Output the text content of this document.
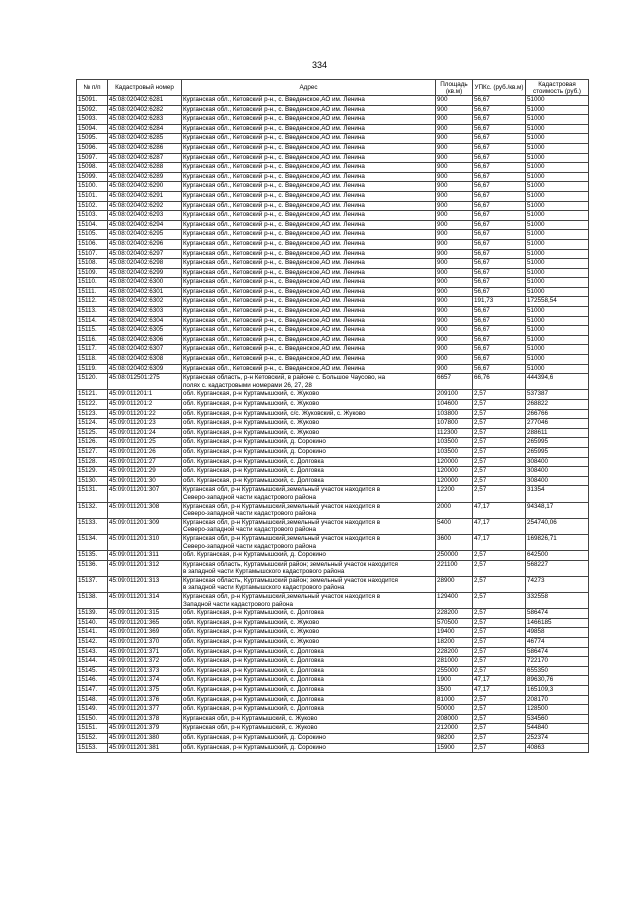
334
№ п/п	Кадастровый номер	Адрес	Площадь (кв.м)	УПКс. (руб./кв.м)	Кадастровая стоимость (руб.)
15091.	45:08:020402:6281	Курганская обл., Кетовский р-н., с. Введенское,АО им. Ленина	900	56,67	51000
15092.	45:08:020402:6282	Курганская обл., Кетовский р-н., с. Введенское,АО им. Ленина	900	56,67	51000
15093.	45:08:020402:6283	Курганская обл., Кетовский р-н., с. Введенское,АО им. Ленина	900	56,67	51000
15094.	45:08:020402:6284	Курганская обл., Кетовский р-н., с. Введенское,АО им. Ленина	900	56,67	51000
15095.	45:08:020402:6285	Курганская обл., Кетовский р-н., с. Введенское,АО им. Ленина	900	56,67	51000
15096.	45:08:020402:6286	Курганская обл., Кетовский р-н., с. Введенское,АО им. Ленина	900	56,67	51000
15097.	45:08:020402:6287	Курганская обл., Кетовский р-н., с. Введенское,АО им. Ленина	900	56,67	51000
15098.	45:08:020402:6288	Курганская обл., Кетовский р-н., с. Введенское,АО им. Ленина	900	56,67	51000
15099.	45:08:020402:6289	Курганская обл., Кетовский р-н., с. Введенское,АО им. Ленина	900	56,67	51000
15100.	45:08:020402:6290	Курганская обл., Кетовский р-н., с. Введенское,АО им. Ленина	900	56,67	51000
15101.	45:08:020402:6291	Курганская обл., Кетовский р-н., с. Введенское,АО им. Ленина	900	56,67	51000
15102.	45:08:020402:6292	Курганская обл., Кетовский р-н., с. Введенское,АО им. Ленина	900	56,67	51000
15103.	45:08:020402:6293	Курганская обл., Кетовский р-н., с. Введенское,АО им. Ленина	900	56,67	51000
15104.	45:08:020402:6294	Курганская обл., Кетовский р-н., с. Введенское,АО им. Ленина	900	56,67	51000
15105.	45:08:020402:6295	Курганская обл., Кетовский р-н., с. Введенское,АО им. Ленина	900	56,67	51000
15106.	45:08:020402:6296	Курганская обл., Кетовский р-н., с. Введенское,АО им. Ленина	900	56,67	51000
15107.	45:08:020402:6297	Курганская обл., Кетовский р-н., с. Введенское,АО им. Ленина	900	56,67	51000
15108.	45:08:020402:6298	Курганская обл., Кетовский р-н., с. Введенское,АО им. Ленина	900	56,67	51000
15109.	45:08:020402:6299	Курганская обл., Кетовский р-н., с. Введенское,АО им. Ленина	900	56,67	51000
15110.	45:08:020402:6300	Курганская обл., Кетовский р-н., с. Введенское,АО им. Ленина	900	56,67	51000
15111.	45:08:020402:6301	Курганская обл., Кетовский р-н., с. Введенское,АО им. Ленина	900	56,67	51000
15112.	45:08:020402:6302	Курганская обл., Кетовский р-н., с. Введенское,АО им. Ленина	900	191,73	172558,54
15113.	45:08:020402:6303	Курганская обл., Кетовский р-н., с. Введенское,АО им. Ленина	900	56,67	51000
15114.	45:08:020402:6304	Курганская обл., Кетовский р-н., с. Введенское,АО им. Ленина	900	56,67	51000
15115.	45:08:020402:6305	Курганская обл., Кетовский р-н., с. Введенское,АО им. Ленина	900	56,67	51000
15116.	45:08:020402:6306	Курганская обл., Кетовский р-н., с. Введенское,АО им. Ленина	900	56,67	51000
15117.	45:08:020402:6307	Курганская обл., Кетовский р-н., с. Введенское,АО им. Ленина	900	56,67	51000
15118.	45:08:020402:6308	Курганская обл., Кетовский р-н., с. Введенское,АО им. Ленина	900	56,67	51000
15119.	45:08:020402:6309	Курганская обл., Кетовский р-н., с. Введенское,АО им. Ленина	900	56,67	51000
15120.	45:08:012501:275	Курганская область, р-н Кетовский, в районе с. Большое Чаусово, на
полях с. кадастровыми номерами 26, 27, 28	6657	66,76	444394,6
15121.	45:09:011201:1	обл. Курганская, р-н Куртамышский, с. Жуково	209100	2,57	537387
15122.	45:09:011201:2	обл. Курганская, р-н Куртамышский, с. Жуково	104600	2,57	268822
15123.	45:09:011201:22	обл. Курганская, р-н Куртамышский, с/с. Жуковский, с. Жуково	103800	2,57	266766
15124.	45:09:011201:23	обл. Курганская, р-н Куртамышский, с. Жуково	107800	2,57	277046
15125.	45:09:011201:24	обл. Курганская, р-н Куртамышский, с. Жуково	112300	2,57	288611
15126.	45:09:011201:25	обл. Курганская, р-н Куртамышский, д. Сорокино	103500	2,57	265995
15127.	45:09:011201:26	обл. Курганская, р-н Куртамышский, д. Сорокино	103500	2,57	265995
15128.	45:09:011201:27	обл. Курганская, р-н Куртамышский, с. Долговка	120000	2,57	308400
15129.	45:09:011201:29	обл. Курганская, р-н Куртамышский, с. Долговка	120000	2,57	308400
15130.	45:09:011201:30	обл. Курганская, р-н Куртамышский, с. Долговка	120000	2,57	308400
15131.	45:09:011201:307	Курганская обл, р-н Куртамышский,земельный участок находится в
Северо-западной части кадастрового района	12200	2,57	31354
15132.	45:09:011201:308	Курганская обл, р-н Куртамышский,земельный участок находится в
Северо-западной части кадастрового района	2000	47,17	94348,17
15133.	45:09:011201:309	Курганская обл, р-н Куртамышский,земельный участок находится в
Северо-западной части кадастрового района	5400	47,17	254740,06
15134.	45:09:011201:310	Курганская обл, р-н Куртамышский,земельный участок находится в
Северо-западной части кадастрового района	3600	47,17	169826,71
15135.	45:09:011201:311	обл. Курганская, р-н Куртамышский, д. Сорокино	250000	2,57	642500
15136.	45:09:011201:312	Курганская область, Куртамышский район; земельный участок находится
в западной части Куртамышского кадастрового района	221100	2,57	568227
15137.	45:09:011201:313	Курганская область, Куртамышский район; земельный участок находится
в западной части Куртамышского кадастрового района	28900	2,57	74273
15138.	45:09:011201:314	Курганская обл, р-н Куртамышский,земельный участок находится в
Западной части кадастрового района	129400	2,57	332558
15139.	45:09:011201:315	обл. Курганская, р-н Куртамышский, с. Долговка	228200	2,57	586474
15140.	45:09:011201:365	обл. Курганская, р-н Куртамышский, с. Жуково	570500	2,57	1466185
15141.	45:09:011201:369	обл. Курганская, р-н Куртамышский, с. Жуково	19400	2,57	49858
15142.	45:09:011201:370	обл. Курганская, р-н Куртамышский, с. Жуково	18200	2,57	46774
15143.	45:09:011201:371	обл. Курганская, р-н Куртамышский, с. Долговка	228200	2,57	586474
15144.	45:09:011201:372	обл. Курганская, р-н Куртамышский, с. Долговка	281000	2,57	722170
15145.	45:09:011201:373	обл. Курганская, р-н Куртамышский, с. Долговка	255000	2,57	655350
15146.	45:09:011201:374	обл. Курганская, р-н Куртамышский, с. Долговка	1900	47,17	89630,76
15147.	45:09:011201:375	обл. Курганская, р-н Куртамышский, с. Долговка	3500	47,17	165109,3
15148.	45:09:011201:376	обл. Курганская, р-н Куртамышский, с. Долговка	81000	2,57	208170
15149.	45:09:011201:377	обл. Курганская, р-н Куртамышский, с. Долговка	50000	2,57	128500
15150.	45:09:011201:378	Курганская обл, р-н Куртамышский, с. Жуково	208000	2,57	534560
15151.	45:09:011201:379	Курганская обл, р-н Куртамышский, с. Жуково	212000	2,57	544840
15152.	45:09:011201:380	обл. Курганская, р-н Куртамышский, д. Сорокино	98200	2,57	252374
15153.	45:09:011201:381	обл. Курганская, р-н Куртамышский, д. Сорокино	15900	2,57	40863
